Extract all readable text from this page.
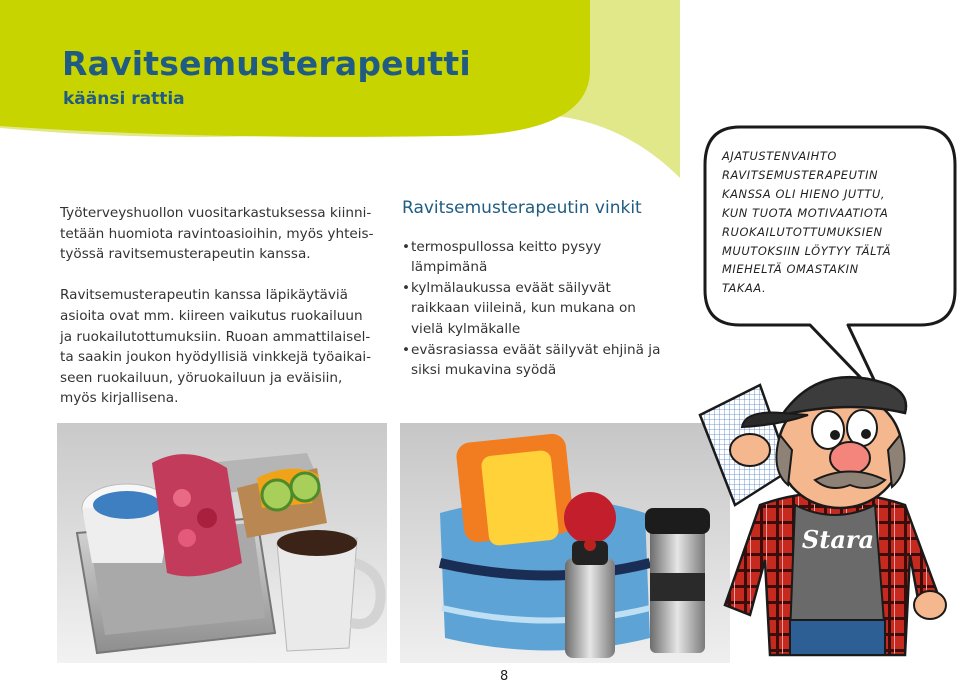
Ravitsemusterapeutti
käänsi rattia

Työterveyshuollon vuositarkastuksessa kiinni-
tetään huomiota ravintoasioihin, myös yhteis-
työssä ravitsemusterapeutin kanssa.

Ravitsemusterapeutin kanssa läpikäytäviä
asioita ovat mm. kiireen vaikutus ruokailuun
ja ruokailutottumuksiin. Ruoan ammattilaisel-
ta saakin joukon hyödyllisiä vinkkejä työaikai-
seen ruokailuun, yöruokailuun ja eväisiin,
myös kirjallisena.

Ravitsemusterapeutin vinkit
• termospullossa keitto pysyy
lämpimänä
• kylmälaukussa eväät säilyvät
raikkaan viileinä, kun mukana on
vielä kylmäkalle
• eväsrasiassa eväät säilyvät ehjinä ja
siksi mukavina syödä
AJATUSTENVAIHTO
RAVITSEMUSTERAPEUTIN
KANSSA OLI HIENO JUTTU,
KUN TUOTA MOTIVAATIOTA
RUOKAILUTOTTUMUKSIEN
MUUTOKSIIN LÖYTYY TÄLTÄ
MIEHELTÄ OMASTAKIN
TAKAA.
Stara
8
